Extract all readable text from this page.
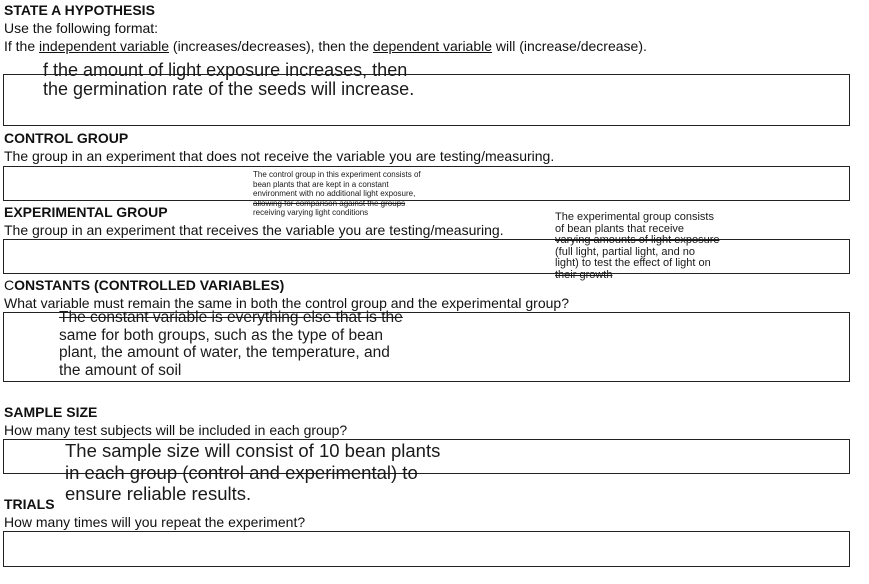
STATE A HYPOTHESIS
Use the following format:
If the independent variable (increases/decreases), then the dependent variable will (increase/decrease).
f the amount of light exposure increases, then
the germination rate of the seeds will increase.
CONTROL GROUP
The group in an experiment that does not receive the variable you are testing/measuring.
The control group in this experiment consists of
bean plants that are kept in a constant
environment with no additional light exposure,
allowing for comparison against the groups
receiving varying light conditions
EXPERIMENTAL GROUP
The group in an experiment that receives the variable you are testing/measuring.
The experimental group consists
of bean plants that receive
varying amounts of light exposure
(full light, partial light, and no
light) to test the effect of light on
their growth
CONSTANTS (CONTROLLED VARIABLES)
What variable must remain the same in both the control group and the experimental group?
The constant variable is everything else that is the
same for both groups, such as the type of bean
plant, the amount of water, the temperature, and
the amount of soil
SAMPLE SIZE
How many test subjects will be included in each group?
The sample size will consist of 10 bean plants
in each group (control and experimental) to
ensure reliable results.
TRIALS
How many times will you repeat the experiment?
